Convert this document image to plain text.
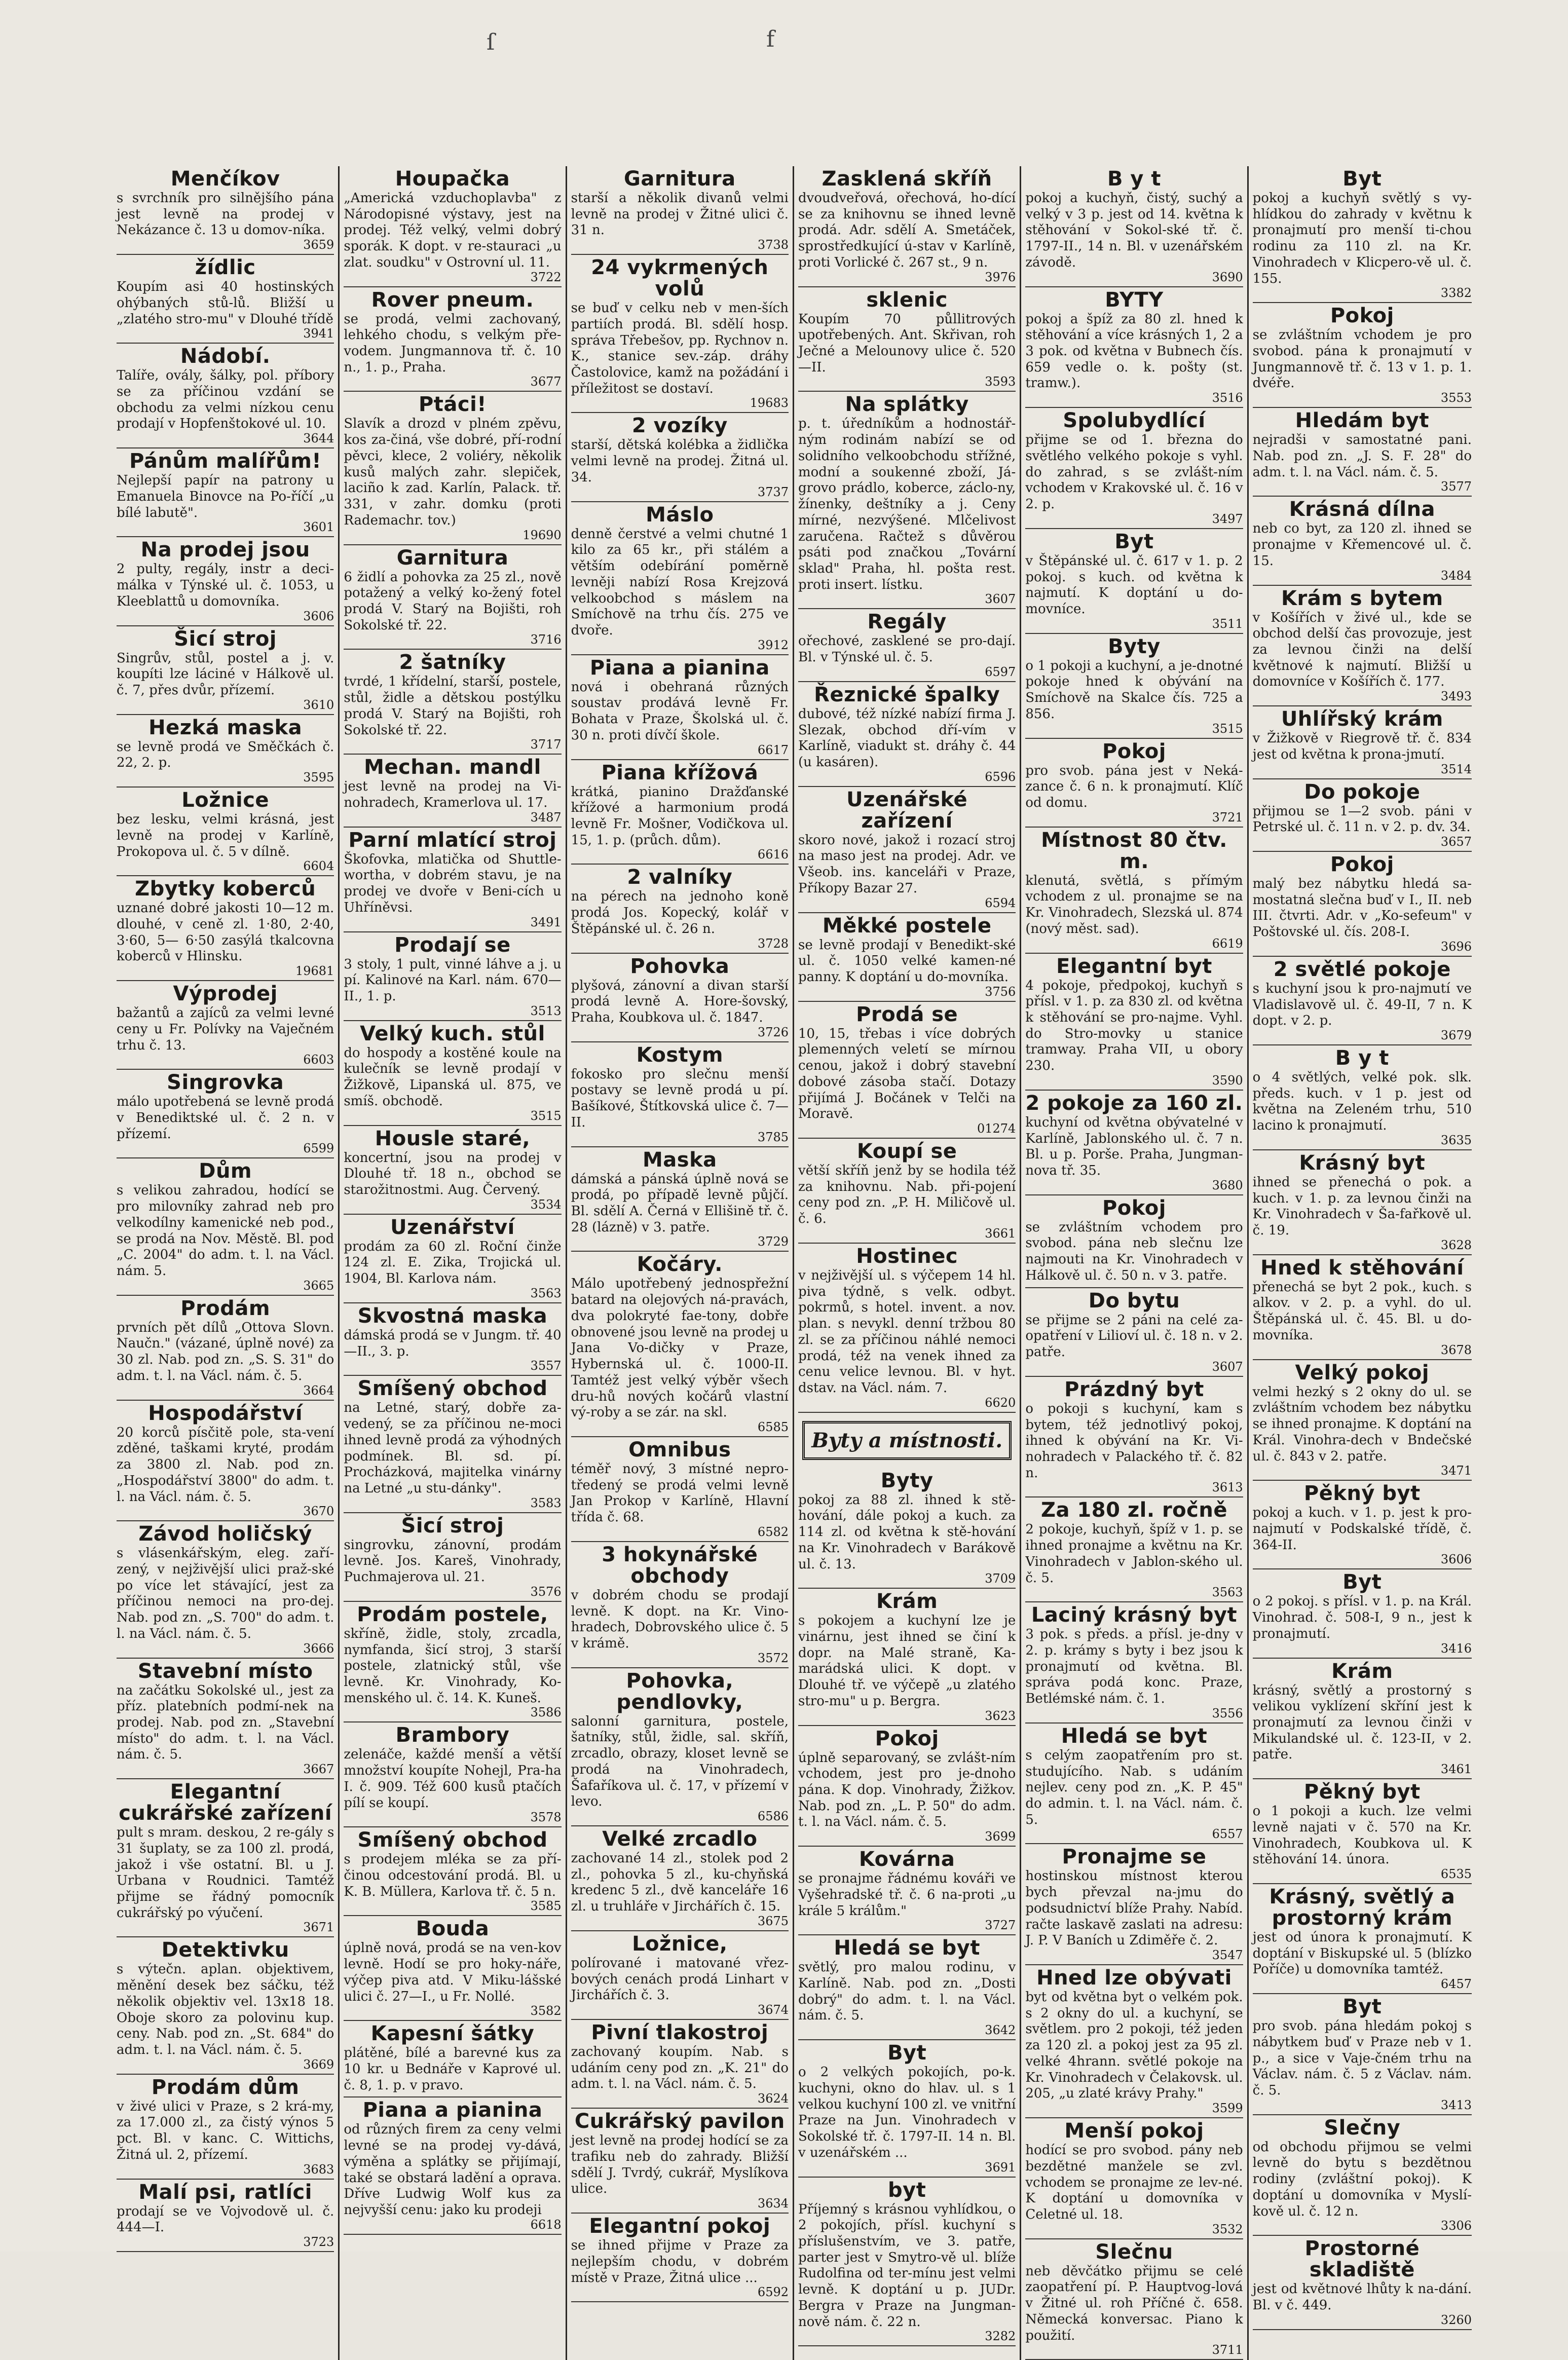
ſ	f
Menčíkov
s svrchník pro silnějšího pána jest levně na prodej v Nekázance č. 13 u domov-níka.
3659
žídlic
Koupím asi 40 hostinských ohýbaných stů-lů. Bližší u „zlatého stro-mu" v Dlouhé třídě
3941
Nádobí.
Talíře, ovály, šálky, pol. příbory se za příčinou vzdání se obchodu za velmi nízkou cenu prodají v Hopfenštokové ul. 10.
3644
Pánům malířům!
Nejlepší papír na patrony u Emanuela Binovce na Po-říčí „u bílé labutě".
3601
Na prodej jsou
2 pulty, regály, instr a deci-málka v Týnské ul. č. 1053, u Kleeblattů u domovníka.
3606
Šicí stroj
Singrův, stůl, postel a j. v. koupíti lze láciné v Hálkově ul. č. 7, přes dvůr, přízemí.
3610
Hezká maska
se levně prodá ve Směčkách č. 22, 2. p.
3595
Ložnice
bez lesku, velmi krásná, jest levně na prodej v Karlíně, Prokopova ul. č. 5 v dílně.
6604
Zbytky koberců
uznané dobré jakosti 10—12 m. dlouhé, v ceně zl. 1·80, 2·40, 3·60, 5— 6·50 zasýlá tkalcovna koberců v Hlinsku.
19681
Výprodej
bažantů a zajíců za velmi levné ceny u Fr. Polívky na Vaječném trhu č. 13.
6603
Singrovka
málo upotřebená se levně prodá v Benediktské ul. č. 2 n. v přízemí.
6599
Dům
s velikou zahradou, hodící se pro milovníky zahrad neb pro velkodílny kamenické neb pod., se prodá na Nov. Městě. Bl. pod „C. 2004" do adm. t. l. na Václ. nám. 5.
3665
Prodám
prvních pět dílů „Ottova Slovn. Naučn." (vázané, úplně nové) za 30 zl. Nab. pod zn. „S. S. 31" do adm. t. l. na Václ. nám. č. 5.
3664
Hospodářství
20 korců písčitě pole, sta-vení zděné, taškami kryté, prodám za 3800 zl. Nab. pod zn. „Hospodářství 3800" do adm. t. l. na Václ. nám. č. 5.
3670
Závod holičský
s vlásenkářským, eleg. zaří-zený, v nejživější ulici praž-ské po více let stávající, jest za příčinou nemoci na pro-dej. Nab. pod zn. „S. 700" do adm. t. l. na Václ. nám. č. 5.
3666
Stavební místo
na začátku Sokolské ul., jest za příz. platebních podmí-nek na prodej. Nab. pod zn. „Stavební místo" do adm. t. l. na Václ. nám. č. 5.
3667
Elegantní cukrářské zařízení
pult s mram. deskou, 2 re-gály s 31 šuplaty, se za 100 zl. prodá, jakož i vše ostatní. Bl. u J. Urbana v Roudnici. Tamtéž přijme se řádný pomocník cukrářský po výučení.
3671
Detektivku
s výtečn. aplan. objektivem, měnění desek bez sáčku, též několik objektiv vel. 13x18 18. Oboje skoro za polovinu kup. ceny. Nab. pod zn. „St. 684" do adm. t. l. na Václ. nám. č. 5.
3669
Prodám dům
v živé ulici v Praze, s 2 krá-my, za 17.000 zl., za čistý výnos 5 pct. Bl. v kanc. C. Wittichs, Žitná ul. 2, přízemí.
3683
Malí psi, ratlíci
prodají se ve Vojvodově ul. č. 444—I.
3723
Houpačka
„Americká vzduchoplavba" z Národopisné výstavy, jest na prodej. Též velký, velmi dobrý sporák. K dopt. v re-stauraci „u zlat. soudku" v Ostrovní ul. 11.
3722
Rover pneum.
se prodá, velmi zachovaný, lehkého chodu, s velkým pře-vodem. Jungmannova tř. č. 10 n., 1. p., Praha.
3677
Ptáci!
Slavík a drozd v plném zpěvu, kos za-činá, vše dobré, pří-rodní pěvci, klece, 2 voliéry, několik kusů malých zahr. slepiček, laciño k zad. Karlín, Palack. tř. 331, v zahr. domku (proti Rademachr. tov.)
19690
Garnitura
6 židlí a pohovka za 25 zl., nově potažený a velký ko-žený fotel prodá V. Starý na Bojišti, roh Sokolské tř. 22.
3716
2 šatníky
tvrdé, 1 křídelní, starší, postele, stůl, židle a dětskou postýlku prodá V. Starý na Bojišti, roh Sokolské tř. 22.
3717
Mechan. mandl
jest levně na prodej na Vi-nohradech, Kramerlova ul. 17.
3487
Parní mlatící stroj
Škofovka, mlatička od Shuttle-wortha, v dobrém stavu, je na prodej ve dvoře v Beni-cích u Uhříněvsi.
3491
Prodají se
3 stoly, 1 pult, vinné láhve a j. u pí. Kalinové na Karl. nám. 670—II., 1. p.
3513
Velký kuch. stůl
do hospody a kostěné koule na kulečník se levně prodají v Žižkově, Lipanská ul. 875, ve smíš. obchodě.
3515
Housle staré,
koncertní, jsou na prodej v Dlouhé tř. 18 n., obchod se starožitnostmi. Aug. Červený.
3534
Uzenářství
prodám za 60 zl. Roční činže 124 zl. E. Zika, Trojická ul. 1904, Bl. Karlova nám.
3563
Skvostná maska
dámská prodá se v Jungm. tř. 40—II., 3. p.
3557
Smíšený obchod
na Letné, starý, dobře za-vedený, se za příčinou ne-moci ihned levně prodá za výhodných podmínek. Bl. sd. pí. Procházková, majitelka vinárny na Letné „u stu-dánky".
3583
Šicí stroj
singrovku, zánovní, prodám levně. Jos. Kareš, Vinohrady, Puchmajerova ul. 21.
3576
Prodám postele,
skříně, židle, stoly, zrcadla, nymfanda, šicí stroj, 3 starší postele, zlatnický stůl, vše levně. Kr. Vinohrady, Ko-menského ul. č. 14. K. Kuneš.
3586
Brambory
zelenáče, každé menší a větší množství koupíte Nohejl, Pra-ha I. č. 909. Též 600 kusů ptačích pílí se koupí.
3578
Smíšený obchod
s prodejem mléka se za pří-činou odcestování prodá. Bl. u K. B. Müllera, Karlova tř. č. 5 n.
3585
Bouda
úplně nová, prodá se na ven-kov levně. Hodí se pro hoky-náře, výčep piva atd. V Miku-lášské ulici č. 27—I., u Fr. Nollé.
3582
Kapesní šátky
plátěné, bílé a barevné kus za 10 kr. u Bednáře v Kaprové ul. č. 8, 1. p. v pravo.
Piana a pianina
od různých firem za ceny velmi levné se na prodej vy-dává, výměna a splátky se přijímají, také se obstará ladění a oprava. Dříve Ludwig Wolf kus za nejvyšší cenu: jako ku prodeji
6618
Garnitura
starší a několik divanů velmi levně na prodej v Žitné ulici č. 31 n.
3738
24 vykrmených volů
se buď v celku neb v men-ších partiích prodá. Bl. sdělí hosp. správa Třebešov, pp. Rychnov n. K., stanice sev.-záp. dráhy Častolovice, kamž na požádání i příležitost se dostaví.
19683
2 vozíky
starší, dětská kolébka a židlička velmi levně na prodej. Žitná ul. 34.
3737
Máslo
denně čerstvé a velmi chutné 1 kilo za 65 kr., při stálém a větším odebírání poměrně levněji nabízí Rosa Krejzová velkoobchod s máslem na Smíchově na trhu čís. 275 ve dvoře.
3912
Piana a pianina
nová i obehraná různých soustav prodává levně Fr. Bohata v Praze, Školská ul. č. 30 n. proti dívčí škole.
6617
Piana křížová
krátká, pianino Dražďanské křížové a harmonium prodá levně Fr. Mošner, Vodičkova ul. 15, 1. p. (průch. dům).
6616
2 valníky
na pérech na jednoho koně prodá Jos. Kopecký, kolář v Štěpánské ul. č. 26 n.
3728
Pohovka
plyšová, zánovní a divan starší prodá levně A. Hore-šovský, Praha, Koubkova ul. č. 1847.
3726
Kostym
fokosko pro slečnu menší postavy se levně prodá u pí. Bašíkové, Štítkovská ulice č. 7—II.
3785
Maska
dámská a pánská úplně nová se prodá, po případě levně půjčí. Bl. sdělí A. Černá v Ellišině tř. č. 28 (lázně) v 3. patře.
3729
Kočáry.
Málo upotřebený jednospřežní batard na olejových ná-pravách, dva polokryté fae-tony, dobře obnovené jsou levně na prodej u Jana Vo-dičky v Praze, Hybernská ul. č. 1000-II. Tamtéž jest velký výběr všech dru-hů nových kočárů vlastní vý-roby a se zár. na skl.
6585
Omnibus
téměř nový, 3 místné nepro-tředený se prodá velmi levně Jan Prokop v Karlíně, Hlavní třída č. 68.
6582
3 hokynářské obchody
v dobrém chodu se prodají levně. K dopt. na Kr. Vino-hradech, Dobrovského ulice č. 5 v krámě.
3572
Pohovka, pendlovky,
salonní garnitura, postele, šatníky, stůl, židle, sal. skříň, zrcadlo, obrazy, kloset levně se prodá na Vinohradech, Šafaříkova ul. č. 17, v přízemí v levo.
6586
Velké zrcadlo
zachované 14 zl., stolek pod 2 zl., pohovka 5 zl., ku-chyňská kredenc 5 zl., dvě kanceláře 16 zl. u truhláře v Jirchářích č. 15.
3675
Ložnice,
polírované i matované vřez-bových cenách prodá Linhart v Jirchářích č. 3.
3674
Pivní tlakostroj
zachovaný koupím. Nab. s udáním ceny pod zn. „K. 21" do adm. t. l. na Václ. nám. č. 5.
3624
Cukrářský pavilon
jest levně na prodej hodící se za trafiku neb do zahrady. Bližší sdělí J. Tvrdý, cukrář, Myslíkova ulice.
3634
Elegantní pokoj
se ihned přijme v Praze za nejlepším chodu, v dobrém místě v Praze, Žitná ulice ...
6592
Zasklená skříň
dvoudveřová, ořechová, ho-dící se za knihovnu se ihned levně prodá. Adr. sdělí A. Smetáček, sprostředkující ú-stav v Karlíně, proti Vorlické č. 267 st., 9 n.
3976
sklenic
Koupím 70 půllitrových upotřebených. Ant. Skřivan, roh Ječné a Melounovy ulice č. 520—II.
3593
Na splátky
p. t. úředníkům a hodnostář-ným rodinám nabízí se od solidního velkoobchodu střížné, modní a soukenné zboží, Já-grovo prádlo, koberce, záclo-ny, žínenky, deštníky a j. Ceny mírné, nezvýšené. Mlčelivost zaručena. Račtež s důvěrou psáti pod značkou „Tovární sklad" Praha, hl. pošta rest. proti insert. lístku.
3607
Regály
ořechové, zasklené se pro-dají. Bl. v Týnské ul. č. 5.
6597
Řeznické špalky
dubové, též nízké nabízí firma J. Slezak, obchod dří-vím v Karlíně, viadukt st. dráhy č. 44 (u kasáren).
6596
Uzenářské zařízení
skoro nové, jakož i rozací stroj na maso jest na prodej. Adr. ve Všeob. ins. kanceláři v Praze, Příkopy Bazar 27.
6594
Měkké postele
se levně prodají v Benedikt-ské ul. č. 1050 velké kamen-né panny. K doptání u do-movníka.
3756
Prodá se
10, 15, třebas i více dobrých plemenných veletí se mírnou cenou, jakož i dobrý stavební dobové zásoba stačí. Dotazy přijímá J. Bočánek v Telči na Moravě.
01274
Koupí se
větší skříň jenž by se hodila též za knihovnu. Nab. při-pojení ceny pod zn. „P. H. Miličově ul. č. 6.
3661
Hostinec
v nejživější ul. s výčepem 14 hl. piva týdně, s velk. odbyt. pokrmů, s hotel. invent. a nov. plan. s nevykl. denní tržbou 80 zl. se za příčinou náhlé nemoci prodá, též na venek ihned za cenu velice levnou. Bl. v hyt. dstav. na Václ. nám. 7.
6620
Byty a místnosti.
Byty
pokoj za 88 zl. ihned k stě-hování, dále pokoj a kuch. za 114 zl. od května k stě-hování na Kr. Vinohradech v Barákově ul. č. 13.
3709
Krám
s pokojem a kuchyní lze je vinárnu, jest ihned se činí k dopr. na Malé straně, Ka-marádská ulici. K dopt. v Dlouhé tř. ve výčepě „u zlatého stro-mu" u p. Bergra.
3623
Pokoj
úplně separovaný, se zvlášt-ním vchodem, jest pro je-dnoho pána. K dop. Vinohrady, Žižkov. Nab. pod zn. „L. P. 50" do adm. t. l. na Václ. nám. č. 5.
3699
Kovárna
se pronajme řádnému kováři ve Vyšehradské tř. č. 6 na-proti „u krále 5 králům."
3727
Hledá se byt
světlý, pro malou rodinu, v Karlíně. Nab. pod zn. „Dosti dobrý" do adm. t. l. na Václ. nám. č. 5.
3642
Byt
o 2 velkých pokojích, po-k. kuchyni, okno do hlav. ul. s 1 velkou kuchyní 100 zl. ve vnitřní Praze na Jun. Vinohradech v Sokolské tř. č. 1797-II. 14 n. Bl. v uzenářském ...
3691
byt
Příjemný s krásnou vyhlídkou, o 2 pokojích, přísl. kuchyní s příslušenstvím, ve 3. patře, parter jest v Smytro-vě ul. blíže Rudolfina od ter-mínu jest velmi levně. K doptání u p. JUDr. Bergra v Praze na Jungman-nově nám. č. 22 n.
3282
B y t
pokoj a kuchyň, čistý, suchý a velký v 3 p. jest od 14. května k stěhování v Sokol-ské tř. č. 1797-II., 14 n. Bl. v uzenářském závodě.
3690
BYTY
pokoj a špíž za 80 zl. hned k stěhování a více krásných 1, 2 a 3 pok. od května v Bubnech čís. 659 vedle o. k. pošty (st. tramw.).
3516
Spolubydlící
přijme se od 1. března do světlého velkého pokoje s vyhl. do zahrad, s se zvlášt-ním vchodem v Krakovské ul. č. 16 v 2. p.
3497
Byt
v Štěpánské ul. č. 617 v 1. p. 2 pokoj. s kuch. od května k najmutí. K doptání u do-movníce.
3511
Byty
o 1 pokoji a kuchyní, a je-dnotné pokoje hned k obývání na Smíchově na Skalce čís. 725 a 856.
3515
Pokoj
pro svob. pána jest v Neká-zance č. 6 n. k pronajmutí. Klíč od domu.
3721
Místnost 80 čtv. m.
klenutá, světlá, s přímým vchodem z ul. pronajme se na Kr. Vinohradech, Slezská ul. 874 (nový měst. sad).
6619
Elegantní byt
4 pokoje, předpokoj, kuchyň s přísl. v 1. p. za 830 zl. od května k stěhování se pro-najme. Vyhl. do Stro-movky u stanice tramway. Praha VII, u obory 230.
3590
2 pokoje za 160 zl.
kuchyní od května obývatelné v Karlíně, Jablonského ul. č. 7 n. Bl. u p. Porše. Praha, Jungman-nova tř. 35.
3680
Pokoj
se zvláštním vchodem pro svobod. pána neb slečnu lze najmouti na Kr. Vinohradech v Hálkově ul. č. 50 n. v 3. patře.
Do bytu
se přijme se 2 páni na celé za-opatření v Lilioví ul. č. 18 n. v 2. patře.
3607
Prázdný byt
o pokoji s kuchyní, kam s bytem, též jednotlivý pokoj, ihned k obývání na Kr. Vi-nohradech v Palackého tř. č. 82 n.
3613
Za 180 zl. ročně
2 pokoje, kuchyň, špíž v 1. p. se ihned pronajme a květnu na Kr. Vinohradech v Jablon-ského ul. č. 5.
3563
Laciný krásný byt
3 pok. s předs. a přísl. je-dny v 2. p. krámy s byty i bez jsou k pronajmutí od května. Bl. správa podá konc. Praze, Betlémské nám. č. 1.
3556
Hledá se byt
s celým zaopatřením pro st. studujícího. Nab. s udáním nejlev. ceny pod zn. „K. P. 45" do admin. t. l. na Václ. nám. č. 5.
6557
Pronajme se
hostinskou místnost kterou bych převzal na-jmu do podsudnictví blíže Prahy. Nabíd. račte laskavě zaslati na adresu: J. P. V Baních u Zdiměře č. 2.
3547
Hned lze obývati
byt od května byt o velkém pok. s 2 okny do ul. a kuchyní, se světlem. pro 2 pokoji, též jeden za 120 zl. a pokoj jest za 95 zl. velké 4hrann. světlé pokoje na Kr. Vinohradech v Čelakovsk. ul. 205, „u zlaté krávy Prahy."
3599
Menší pokoj
hodící se pro svobod. pány neb bezdětné manžele se zvl. vchodem se pronajme ze lev-né. K doptání u domovníka v Celetné ul. 18.
3532
Slečnu
neb děvčátko přijmu se celé zaopatření pí. P. Hauptvog-lová v Žitné ul. roh Příčné č. 658. Německá konversac. Piano k použití.
3711
Byt
pokoj a kuchyň světlý s vy-hlídkou do zahrady v květnu k pronajmutí pro menší ti-chou rodinu za 110 zl. na Kr. Vinohradech v Klicpero-vě ul. č. 155.
3382
Pokoj
se zvláštním vchodem je pro svobod. pána k pronajmutí v Jungmannově tř. č. 13 v 1. p. 1. dvéře.
3553
Hledám byt
nejradši v samostatné pani. Nab. pod zn. „J. S. F. 28" do adm. t. l. na Václ. nám. č. 5.
3577
Krásná dílna
neb co byt, za 120 zl. ihned se pronajme v Křemencové ul. č. 15.
3484
Krám s bytem
v Košířích v živé ul., kde se obchod delší čas provozuje, jest za levnou činži na delší květnové k najmutí. Bližší u domovníce v Košířích č. 177.
3493
Uhlířský krám
v Žižkově v Riegrově tř. č. 834 jest od května k prona-jmutí.
3514
Do pokoje
přijmou se 1—2 svob. páni v Petrské ul. č. 11 n. v 2. p. dv. 34.
3657
Pokoj
malý bez nábytku hledá sa-mostatná slečna buď v I., II. neb III. čtvrti. Adr. v „Ko-sefeum" v Poštovské ul. čís. 208-I.
3696
2 světlé pokoje
s kuchyní jsou k pro-najmutí ve Vladislavově ul. č. 49-II, 7 n. K dopt. v 2. p.
3679
B y t
o 4 světlých, velké pok. slk. předs. kuch. v 1 p. jest od května na Zeleném trhu, 510 lacino k pronajmutí.
3635
Krásný byt
ihned se přenechá o pok. a kuch. v 1. p. za levnou činži na Kr. Vinohradech v Ša-fařkově ul. č. 19.
3628
Hned k stěhování
přenechá se byt 2 pok., kuch. s alkov. v 2. p. a vyhl. do ul. Štěpánská ul. č. 45. Bl. u do-movníka.
3678
Velký pokoj
velmi hezký s 2 okny do ul. se zvláštním vchodem bez nábytku se ihned pronajme. K doptání na Král. Vinohra-dech v Bndečské ul. č. 843 v 2. patře.
3471
Pěkný byt
pokoj a kuch. v 1. p. jest k pro-najmutí v Podskalské třídě, č. 364-II.
3606
Byt
o 2 pokoj. s přísl. v 1. p. na Král. Vinohrad. č. 508-I, 9 n., jest k pronajmutí.
3416
Krám
krásný, světlý a prostorný s velikou vyklízení skříní jest k pronajmutí za levnou činži v Mikulandské ul. č. 123-II, v 2. patře.
3461
Pěkný byt
o 1 pokoji a kuch. lze velmi levně najati v č. 570 na Kr. Vinohradech, Koubkova ul. K stěhování 14. února.
6535
Krásný, světlý a prostorný krám
jest od února k pronajmutí. K doptání v Biskupské ul. 5 (blízko Poříče) u domovníka tamtéž.
6457
Byt
pro svob. pána hledám pokoj s nábytkem buď v Praze neb v 1. p., a sice v Vaje-čném trhu na Václav. nám. č. 5 z Václav. nám. č. 5.
3413
Slečny
od obchodu přijmou se velmi levně do bytu s bezdětnou rodiny (zvláštní pokoj). K doptání u domovníka v Myslí-kově ul. č. 12 n.
3306
Prostorné skladiště
jest od květnové lhůty k na-dání. Bl. v č. 449.
3260
